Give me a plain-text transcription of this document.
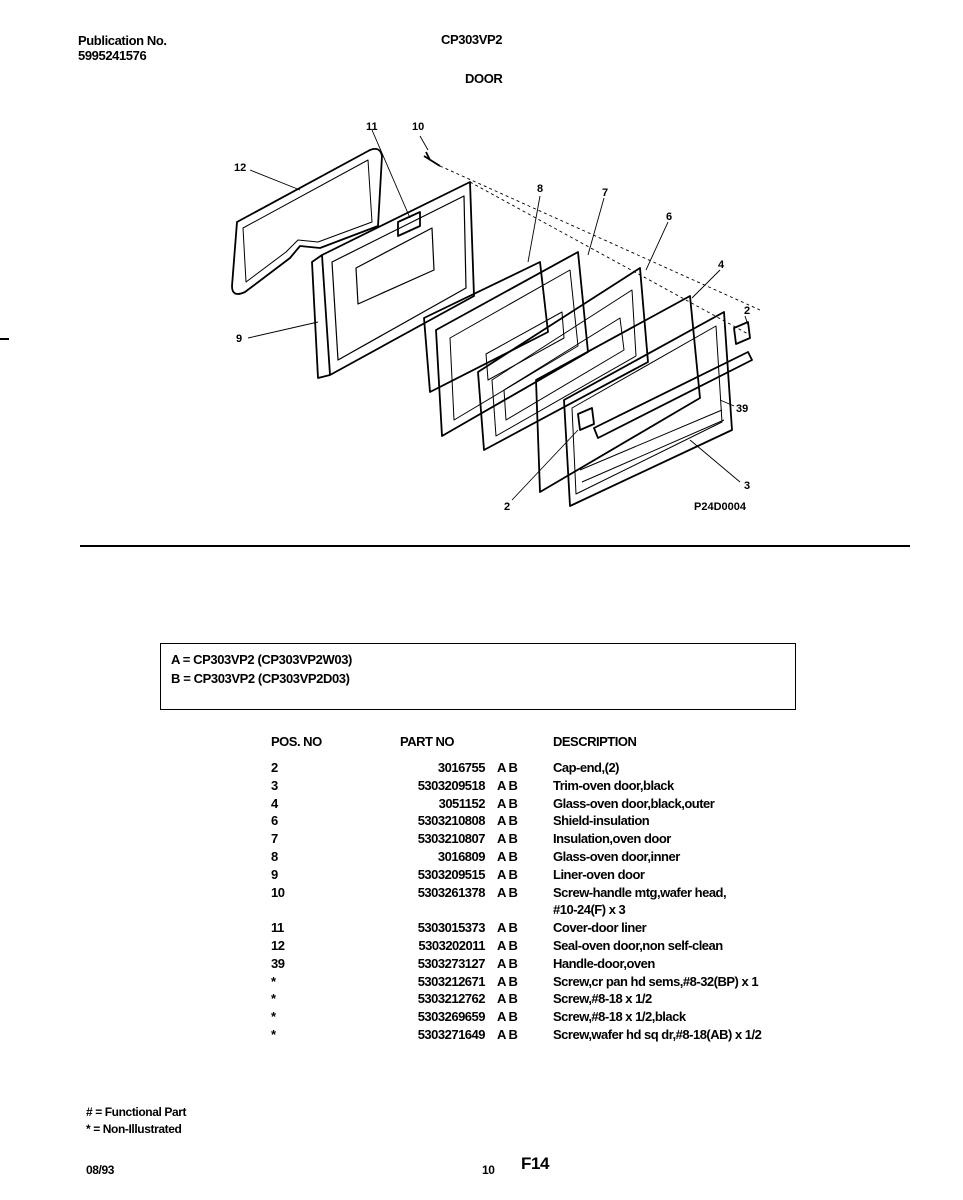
Publication No.
5995241576
CP303VP2
DOOR
11	10
12
8	7
6
4
2
9
39
3
2	P24D0004
A = CP303VP2 (CP303VP2W03)
B = CP303VP2 (CP303VP2D03)
POS. NO	PART NO	DESCRIPTION
2	3016755 A B	Cap-end,(2)
3	5303209518 A B	Trim-oven door,black
4	3051152 A B	Glass-oven door,black,outer
6	5303210808 A B	Shield-insulation
7	5303210807 A B	Insulation,oven door
8	3016809 A B	Glass-oven door,inner
9	5303209515 A B	Liner-oven door
10	5303261378 A B	Screw-handle mtg,wafer head,
#10-24(F) x 3
11	5303015373 A B	Cover-door liner
12	5303202011 A B	Seal-oven door,non self-clean
39	5303273127 A B	Handle-door,oven
*	5303212671 A B	Screw,cr pan hd sems,#8-32(BP) x 1
*	5303212762 A B	Screw,#8-18 x 1/2
*	5303269659 A B	Screw,#8-18 x 1/2,black
*	5303271649 A B	Screw,wafer hd sq dr,#8-18(AB) x 1/2
# = Functional Part
* = Non-Illustrated
08/93	10 F14
